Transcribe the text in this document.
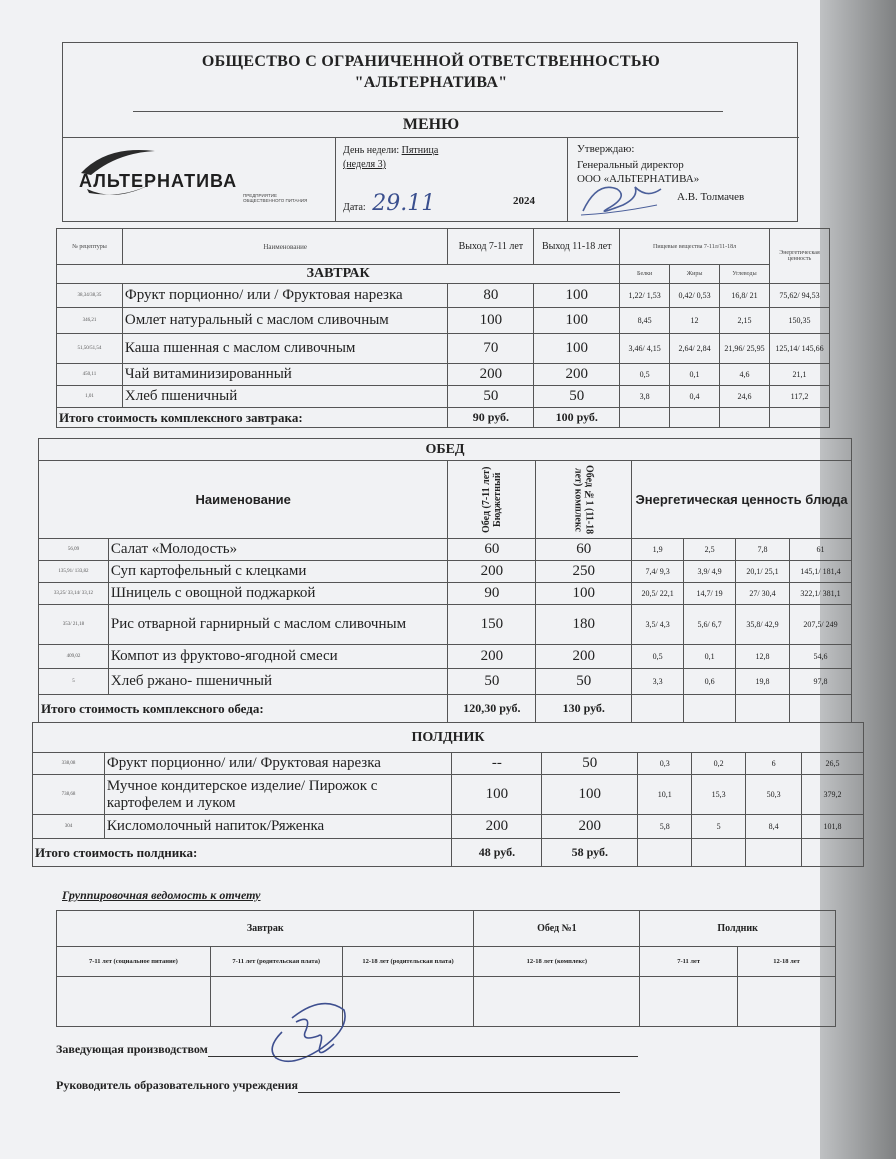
ОБЩЕСТВО С ОГРАНИЧЕННОЙ ОТВЕТСТВЕННОСТЬЮ
"АЛЬТЕРНАТИВА"
МЕНЮ
АЛЬТЕРНАТИВА
ПРЕДПРИЯТИЕ ОБЩЕСТВЕННОГО ПИТАНИЯ
День недели: Пятница
(неделя 3)
Дата: 29.11	2024
Утверждаю:
Генеральный директор
ООО «АЛЬТЕРНАТИВА»
А.В. Толмачев
№ рецептуры	Наименование	Выход 7-11 лет	Выход 11-18 лет	Пищевые вещества 7-11л/11-18л			Энергетическая ценность
ЗАВТРАК				Белки	Жиры	Углеводы	
38,34/38,35	Фрукт порционно/ или / Фруктовая нарезка	80	100	1,22/ 1,53	0,42/ 0,53	16,8/ 21	75,62/ 94,53
346,21	Омлет натуральный с маслом сливочным	100	100	8,45	12	2,15	150,35
51,50/51,54	Каша пшенная с маслом сливочным	70	100	3,46/ 4,15	2,64/ 2,84	21,96/ 25,95	125,14/ 145,66
450,11	Чай витаминизированный	200	200	0,5	0,1	4,6	21,1
1,01	Хлеб пшеничный	50	50	3,8	0,4	24,6	117,2
Итого стоимость комплексного завтрака:		90 руб.	100 руб.				
ОБЕД							
Наименование		Обед (7-11 лет) Бюджетный	Обед №1 (11-18 лет) комплекс	Энергетическая ценность блюда			
56,09	Салат «Молодость»	60	60	1,9	2,5	7,8	61
135,91/ 133,82	Суп картофельный с клецками	200	250	7,4/ 9,3	3,9/ 4,9	20,1/ 25,1	145,1/ 181,4
33,25/ 33,14/ 33,12	Шницель с овощной поджаркой	90	100	20,5/ 22,1	14,7/ 19	27/ 30,4	322,1/ 381,1
353/ 21,18	Рис отварной гарнирный с маслом сливочным	150	180	3,5/ 4,3	5,6/ 6,7	35,8/ 42,9	207,5/ 249
409,02	Компот из фруктово-ягодной смеси	200	200	0,5	0,1	12,8	54,6
5	Хлеб ржано- пшеничный	50	50	3,3	0,6	19,8	97,8
Итого стоимость комплексного обеда:		120,30 руб.	130 руб.				
ПОЛДНИК							
338,08	Фрукт порционно/ или/ Фруктовая нарезка	--	50	0,3	0,2	6	26,5
738,68	Мучное кондитерское изделие/ Пирожок с картофелем и луком	100	100	10,1	15,3	50,3	379,2
304	Кисломолочный напиток/Ряженка	200	200	5,8	5	8,4	101,8
Итого стоимость полдника:		48 руб.	58 руб.				
Группировочная ведомость к отчету
Завтрак			Обед №1	Полдник	
7-11 лет (социальное питание)	7-11 лет (родительская плата)	12-18 лет (родительская плата)	12-18 лет (комплекс)	7-11 лет	12-18 лет

Заведующая производством
Руководитель образовательного учреждения
